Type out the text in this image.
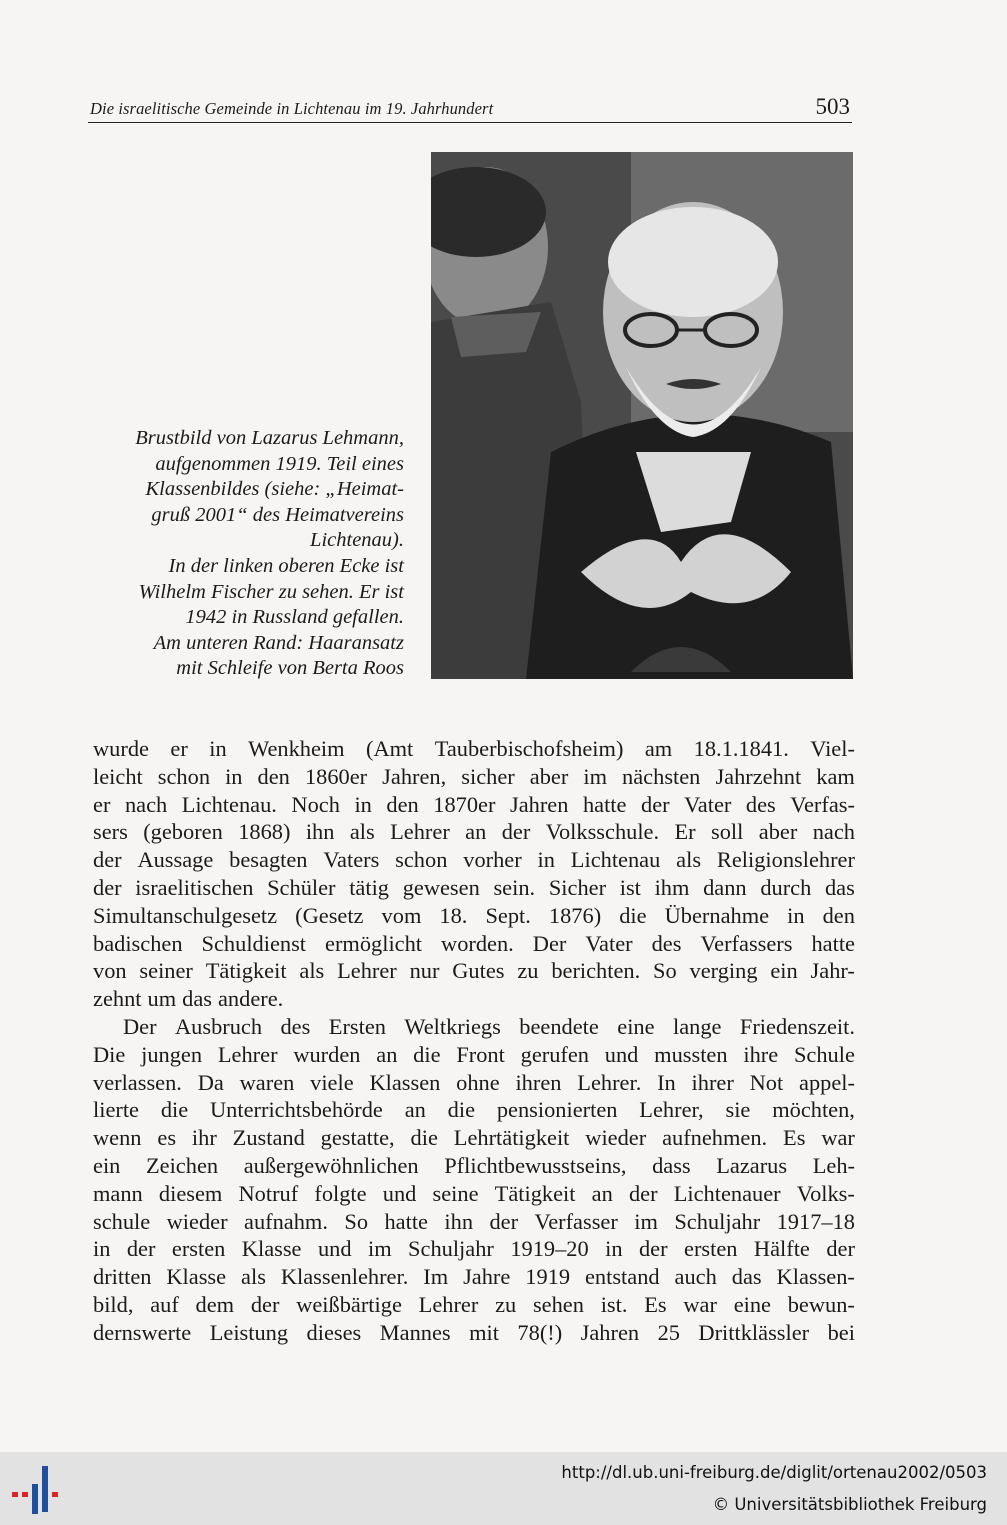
Die israelitische Gemeinde in Lichtenau im 19. Jahrhundert	503
Brustbild von Lazarus Lehmann,
aufgenommen 1919. Teil eines
Klassenbildes (siehe: „Heimat-
gruß 2001“ des Heimatvereins
Lichtenau).
In der linken oberen Ecke ist
Wilhelm Fischer zu sehen. Er ist
1942 in Russland gefallen.
Am unteren Rand: Haaransatz
mit Schleife von Berta Roos
wurde er in Wenkheim (Amt Tauberbischofsheim) am 18.1.1841. Viel-
leicht schon in den 1860er Jahren, sicher aber im nächsten Jahrzehnt kam
er nach Lichtenau. Noch in den 1870er Jahren hatte der Vater des Verfas-
sers (geboren 1868) ihn als Lehrer an der Volksschule. Er soll aber nach
der Aussage besagten Vaters schon vorher in Lichtenau als Religionslehrer
der israelitischen Schüler tätig gewesen sein. Sicher ist ihm dann durch das
Simultanschulgesetz (Gesetz vom 18. Sept. 1876) die Übernahme in den
badischen Schuldienst ermöglicht worden. Der Vater des Verfassers hatte
von seiner Tätigkeit als Lehrer nur Gutes zu berichten. So verging ein Jahr-
zehnt um das andere.
Der Ausbruch des Ersten Weltkriegs beendete eine lange Friedenszeit.
Die jungen Lehrer wurden an die Front gerufen und mussten ihre Schule
verlassen. Da waren viele Klassen ohne ihren Lehrer. In ihrer Not appel-
lierte die Unterrichtsbehörde an die pensionierten Lehrer, sie möchten,
wenn es ihr Zustand gestatte, die Lehrtätigkeit wieder aufnehmen. Es war
ein Zeichen außergewöhnlichen Pflichtbewusstseins, dass Lazarus Leh-
mann diesem Notruf folgte und seine Tätigkeit an der Lichtenauer Volks-
schule wieder aufnahm. So hatte ihn der Verfasser im Schuljahr 1917–18
in der ersten Klasse und im Schuljahr 1919–20 in der ersten Hälfte der
dritten Klasse als Klassenlehrer. Im Jahre 1919 entstand auch das Klassen-
bild, auf dem der weißbärtige Lehrer zu sehen ist. Es war eine bewun-
dernswerte Leistung dieses Mannes mit 78(!) Jahren 25 Drittklässler bei
http://dl.ub.uni-freiburg.de/diglit/ortenau2002/0503
© Universitätsbibliothek Freiburg
